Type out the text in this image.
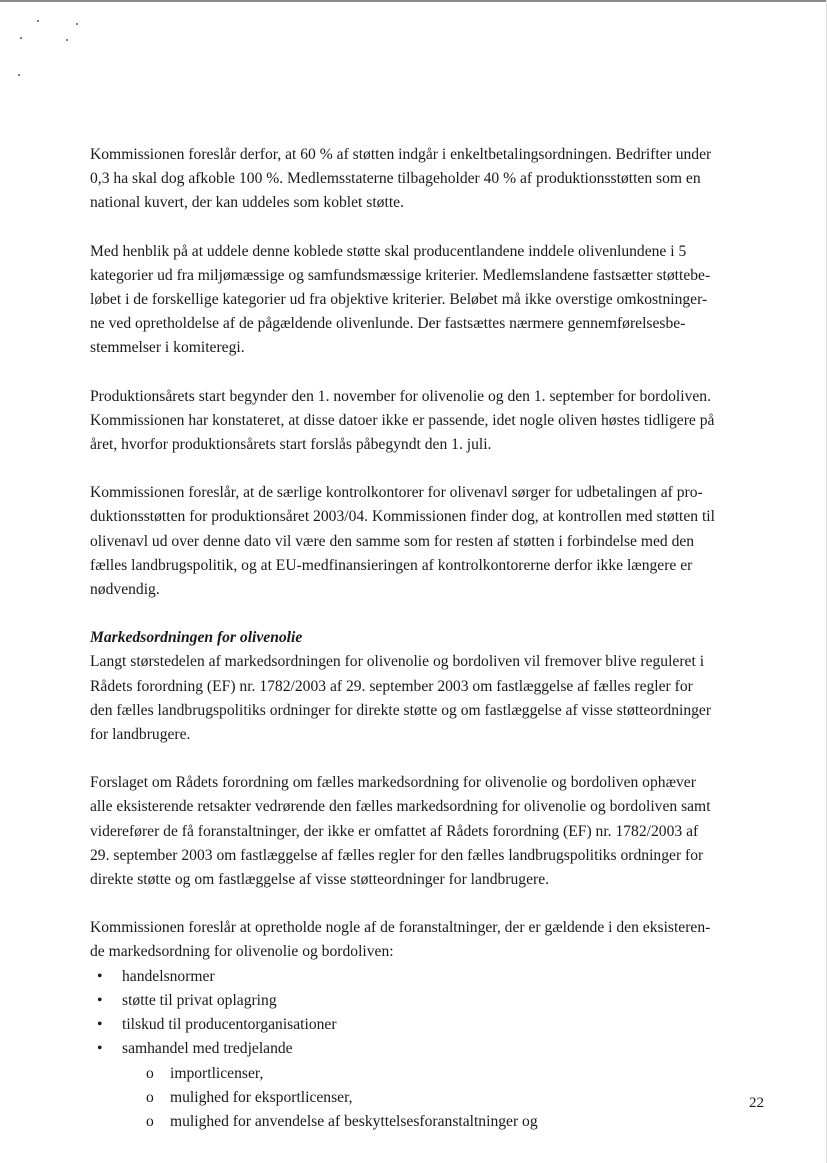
Kommissionen foreslår derfor, at 60 % af støtten indgår i enkeltbetalingsordningen. Bedrifter under
0,3 ha skal dog afkoble 100 %. Medlemsstaterne tilbageholder 40 % af produktionsstøtten som en
national kuvert, der kan uddeles som koblet støtte.
Med henblik på at uddele denne koblede støtte skal producentlandene inddele olivenlundene i 5
kategorier ud fra miljømæssige og samfundsmæssige kriterier. Medlemslandene fastsætter støttebe-
løbet i de forskellige kategorier ud fra objektive kriterier. Beløbet må ikke overstige omkostninger-
ne ved opretholdelse af de pågældende olivenlunde. Der fastsættes nærmere gennemførelsesbe-
stemmelser i komiteregi.
Produktionsårets start begynder den 1. november for olivenolie og den 1. september for bordoliven.
Kommissionen har konstateret, at disse datoer ikke er passende, idet nogle oliven høstes tidligere på
året, hvorfor produktionsårets start forslås påbegyndt den 1. juli.
Kommissionen foreslår, at de særlige kontrolkontorer for olivenavl sørger for udbetalingen af pro-
duktionsstøtten for produktionsåret 2003/04. Kommissionen finder dog, at kontrollen med støtten til
olivenavl ud over denne dato vil være den samme som for resten af støtten i forbindelse med den
fælles landbrugspolitik, og at EU-medfinansieringen af kontrolkontorerne derfor ikke længere er
nødvendig.
Markedsordningen for olivenolie
Langt størstedelen af markedsordningen for olivenolie og bordoliven vil fremover blive reguleret i
Rådets forordning (EF) nr. 1782/2003 af 29. september 2003 om fastlæggelse af fælles regler for
den fælles landbrugspolitiks ordninger for direkte støtte og om fastlæggelse af visse støtteordninger
for landbrugere.
Forslaget om Rådets forordning om fælles markedsordning for olivenolie og bordoliven ophæver
alle eksisterende retsakter vedrørende den fælles markedsordning for olivenolie og bordoliven samt
viderefører de få foranstaltninger, der ikke er omfattet af Rådets forordning (EF) nr. 1782/2003 af
29. september 2003 om fastlæggelse af fælles regler for den fælles landbrugspolitiks ordninger for
direkte støtte og om fastlæggelse af visse støtteordninger for landbrugere.
Kommissionen foreslår at opretholde nogle af de foranstaltninger, der er gældende i den eksisteren-
de markedsordning for olivenolie og bordoliven:
• handelsnormer
• støtte til privat oplagring
• tilskud til producentorganisationer
• samhandel med tredjelande
o importlicenser,
o mulighed for eksportlicenser,
o mulighed for anvendelse af beskyttelsesforanstaltninger og
22
